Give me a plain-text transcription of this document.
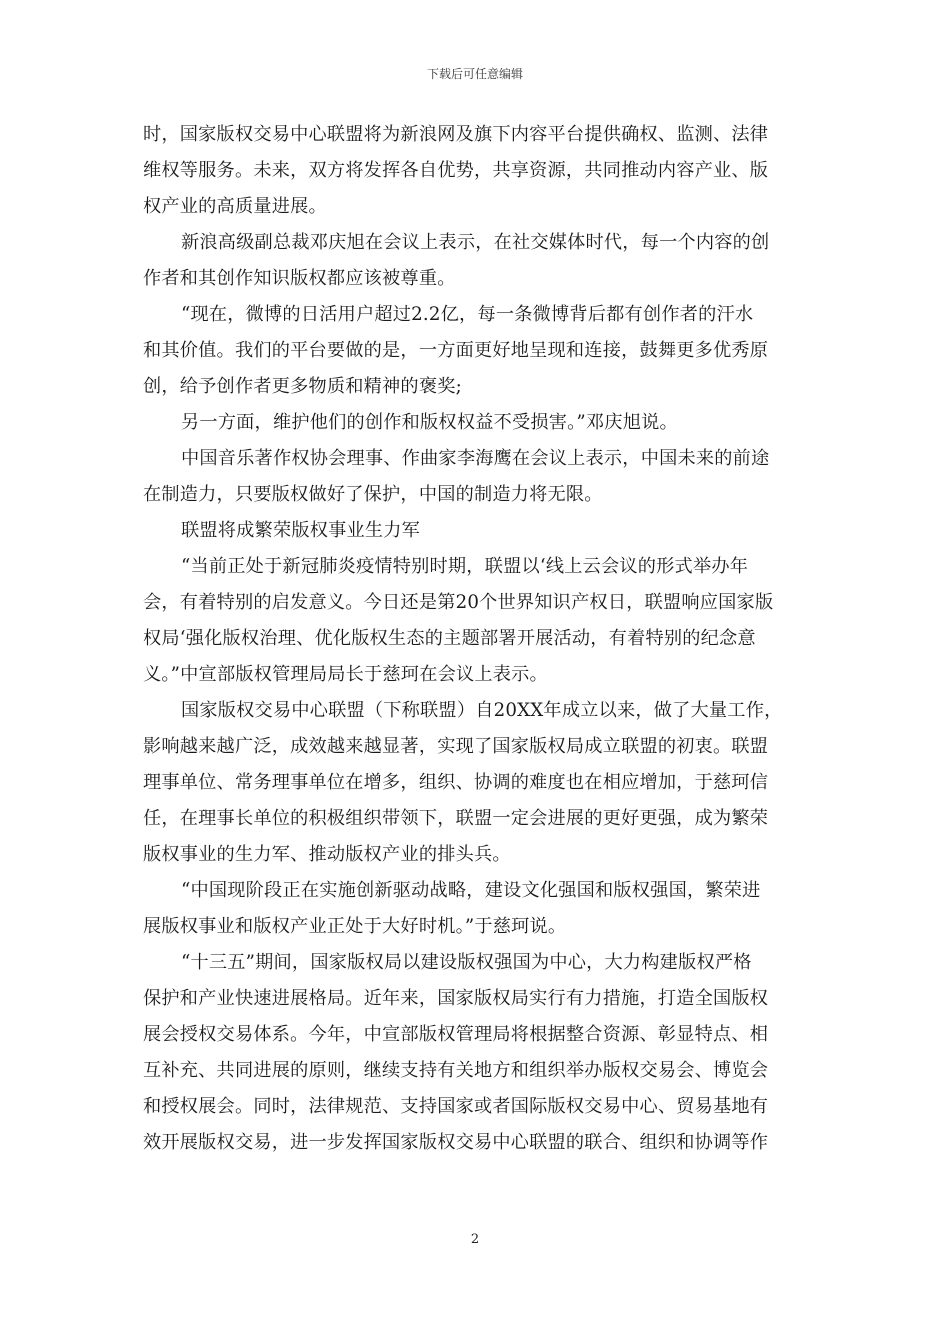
下载后可任意编辑
时，国家版权交易中心联盟将为新浪网及旗下内容平台提供确权、监测、法律
维权等服务。未来，双方将发挥各自优势，共享资源，共同推动内容产业、版
权产业的高质量进展。
新浪高级副总裁邓庆旭在会议上表示，在社交媒体时代，每一个内容的创
作者和其创作知识版权都应该被尊重。
“现在，微博的日活用户超过2.2亿，每一条微博背后都有创作者的汗水
和其价值。我们的平台要做的是，一方面更好地呈现和连接，鼓舞更多优秀原
创，给予创作者更多物质和精神的褒奖;
另一方面，维护他们的创作和版权权益不受损害。”邓庆旭说。
中国音乐著作权协会理事、作曲家李海鹰在会议上表示，中国未来的前途
在制造力，只要版权做好了保护，中国的制造力将无限。
联盟将成繁荣版权事业生力军
“当前正处于新冠肺炎疫情特别时期，联盟以‘线上云会议的形式举办年
会，有着特别的启发意义。今日还是第20个世界知识产权日，联盟响应国家版
权局‘强化版权治理、优化版权生态的主题部署开展活动，有着特别的纪念意
义。”中宣部版权管理局局长于慈珂在会议上表示。
国家版权交易中心联盟（下称联盟）自20XX年成立以来，做了大量工作，
影响越来越广泛，成效越来越显著，实现了国家版权局成立联盟的初衷。联盟
理事单位、常务理事单位在增多，组织、协调的难度也在相应增加，于慈珂信
任，在理事长单位的积极组织带领下，联盟一定会进展的更好更强，成为繁荣
版权事业的生力军、推动版权产业的排头兵。
“中国现阶段正在实施创新驱动战略，建设文化强国和版权强国，繁荣进
展版权事业和版权产业正处于大好时机。”于慈珂说。
“十三五”期间，国家版权局以建设版权强国为中心，大力构建版权严格
保护和产业快速进展格局。近年来，国家版权局实行有力措施，打造全国版权
展会授权交易体系。今年，中宣部版权管理局将根据整合资源、彰显特点、相
互补充、共同进展的原则，继续支持有关地方和组织举办版权交易会、博览会
和授权展会。同时，法律规范、支持国家或者国际版权交易中心、贸易基地有
效开展版权交易，进一步发挥国家版权交易中心联盟的联合、组织和协调等作
2
